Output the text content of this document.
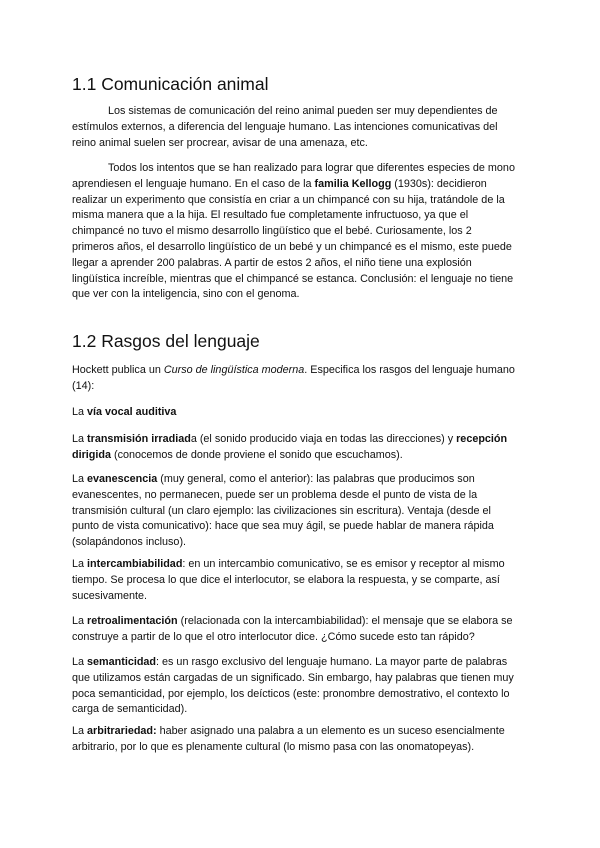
1.1 Comunicación animal

Los sistemas de comunicación del reino animal pueden ser muy dependientes de
estímulos externos, a diferencia del lenguaje humano. Las intenciones comunicativas del
reino animal suelen ser procrear, avisar de una amenaza, etc.

Todos los intentos que se han realizado para lograr que diferentes especies de mono
aprendiesen el lenguaje humano. En el caso de la familia Kellogg (1930s): decidieron
realizar un experimento que consistía en criar a un chimpancé con su hija, tratándole de la
misma manera que a la hija. El resultado fue completamente infructuoso, ya que el
chimpancé no tuvo el mismo desarrollo lingüístico que el bebé. Curiosamente, los 2
primeros años, el desarrollo lingüístico de un bebé y un chimpancé es el mismo, este puede
llegar a aprender 200 palabras. A partir de estos 2 años, el niño tiene una explosión
lingüística increíble, mientras que el chimpancé se estanca. Conclusión: el lenguaje no tiene
que ver con la inteligencia, sino con el genoma.

1.2 Rasgos del lenguaje

Hockett publica un Curso de lingüística moderna. Especifica los rasgos del lenguaje humano
(14):

La vía vocal auditiva

La transmisión irradiada (el sonido producido viaja en todas las direcciones) y recepción
dirigida (conocemos de donde proviene el sonido que escuchamos).

La evanescencia (muy general, como el anterior): las palabras que producimos son
evanescentes, no permanecen, puede ser un problema desde el punto de vista de la
transmisión cultural (un claro ejemplo: las civilizaciones sin escritura). Ventaja (desde el
punto de vista comunicativo): hace que sea muy ágil, se puede hablar de manera rápida
(solapándonos incluso).

La intercambiabilidad: en un intercambio comunicativo, se es emisor y receptor al mismo
tiempo. Se procesa lo que dice el interlocutor, se elabora la respuesta, y se comparte, así
sucesivamente.

La retroalimentación (relacionada con la intercambiabilidad): el mensaje que se elabora se
construye a partir de lo que el otro interlocutor dice. ¿Cómo sucede esto tan rápido?

La semanticidad: es un rasgo exclusivo del lenguaje humano. La mayor parte de palabras
que utilizamos están cargadas de un significado. Sin embargo, hay palabras que tienen muy
poca semanticidad, por ejemplo, los deícticos (este: pronombre demostrativo, el contexto lo
carga de semanticidad).

La arbitrariedad: haber asignado una palabra a un elemento es un suceso esencialmente
arbitrario, por lo que es plenamente cultural (lo mismo pasa con las onomatopeyas).
